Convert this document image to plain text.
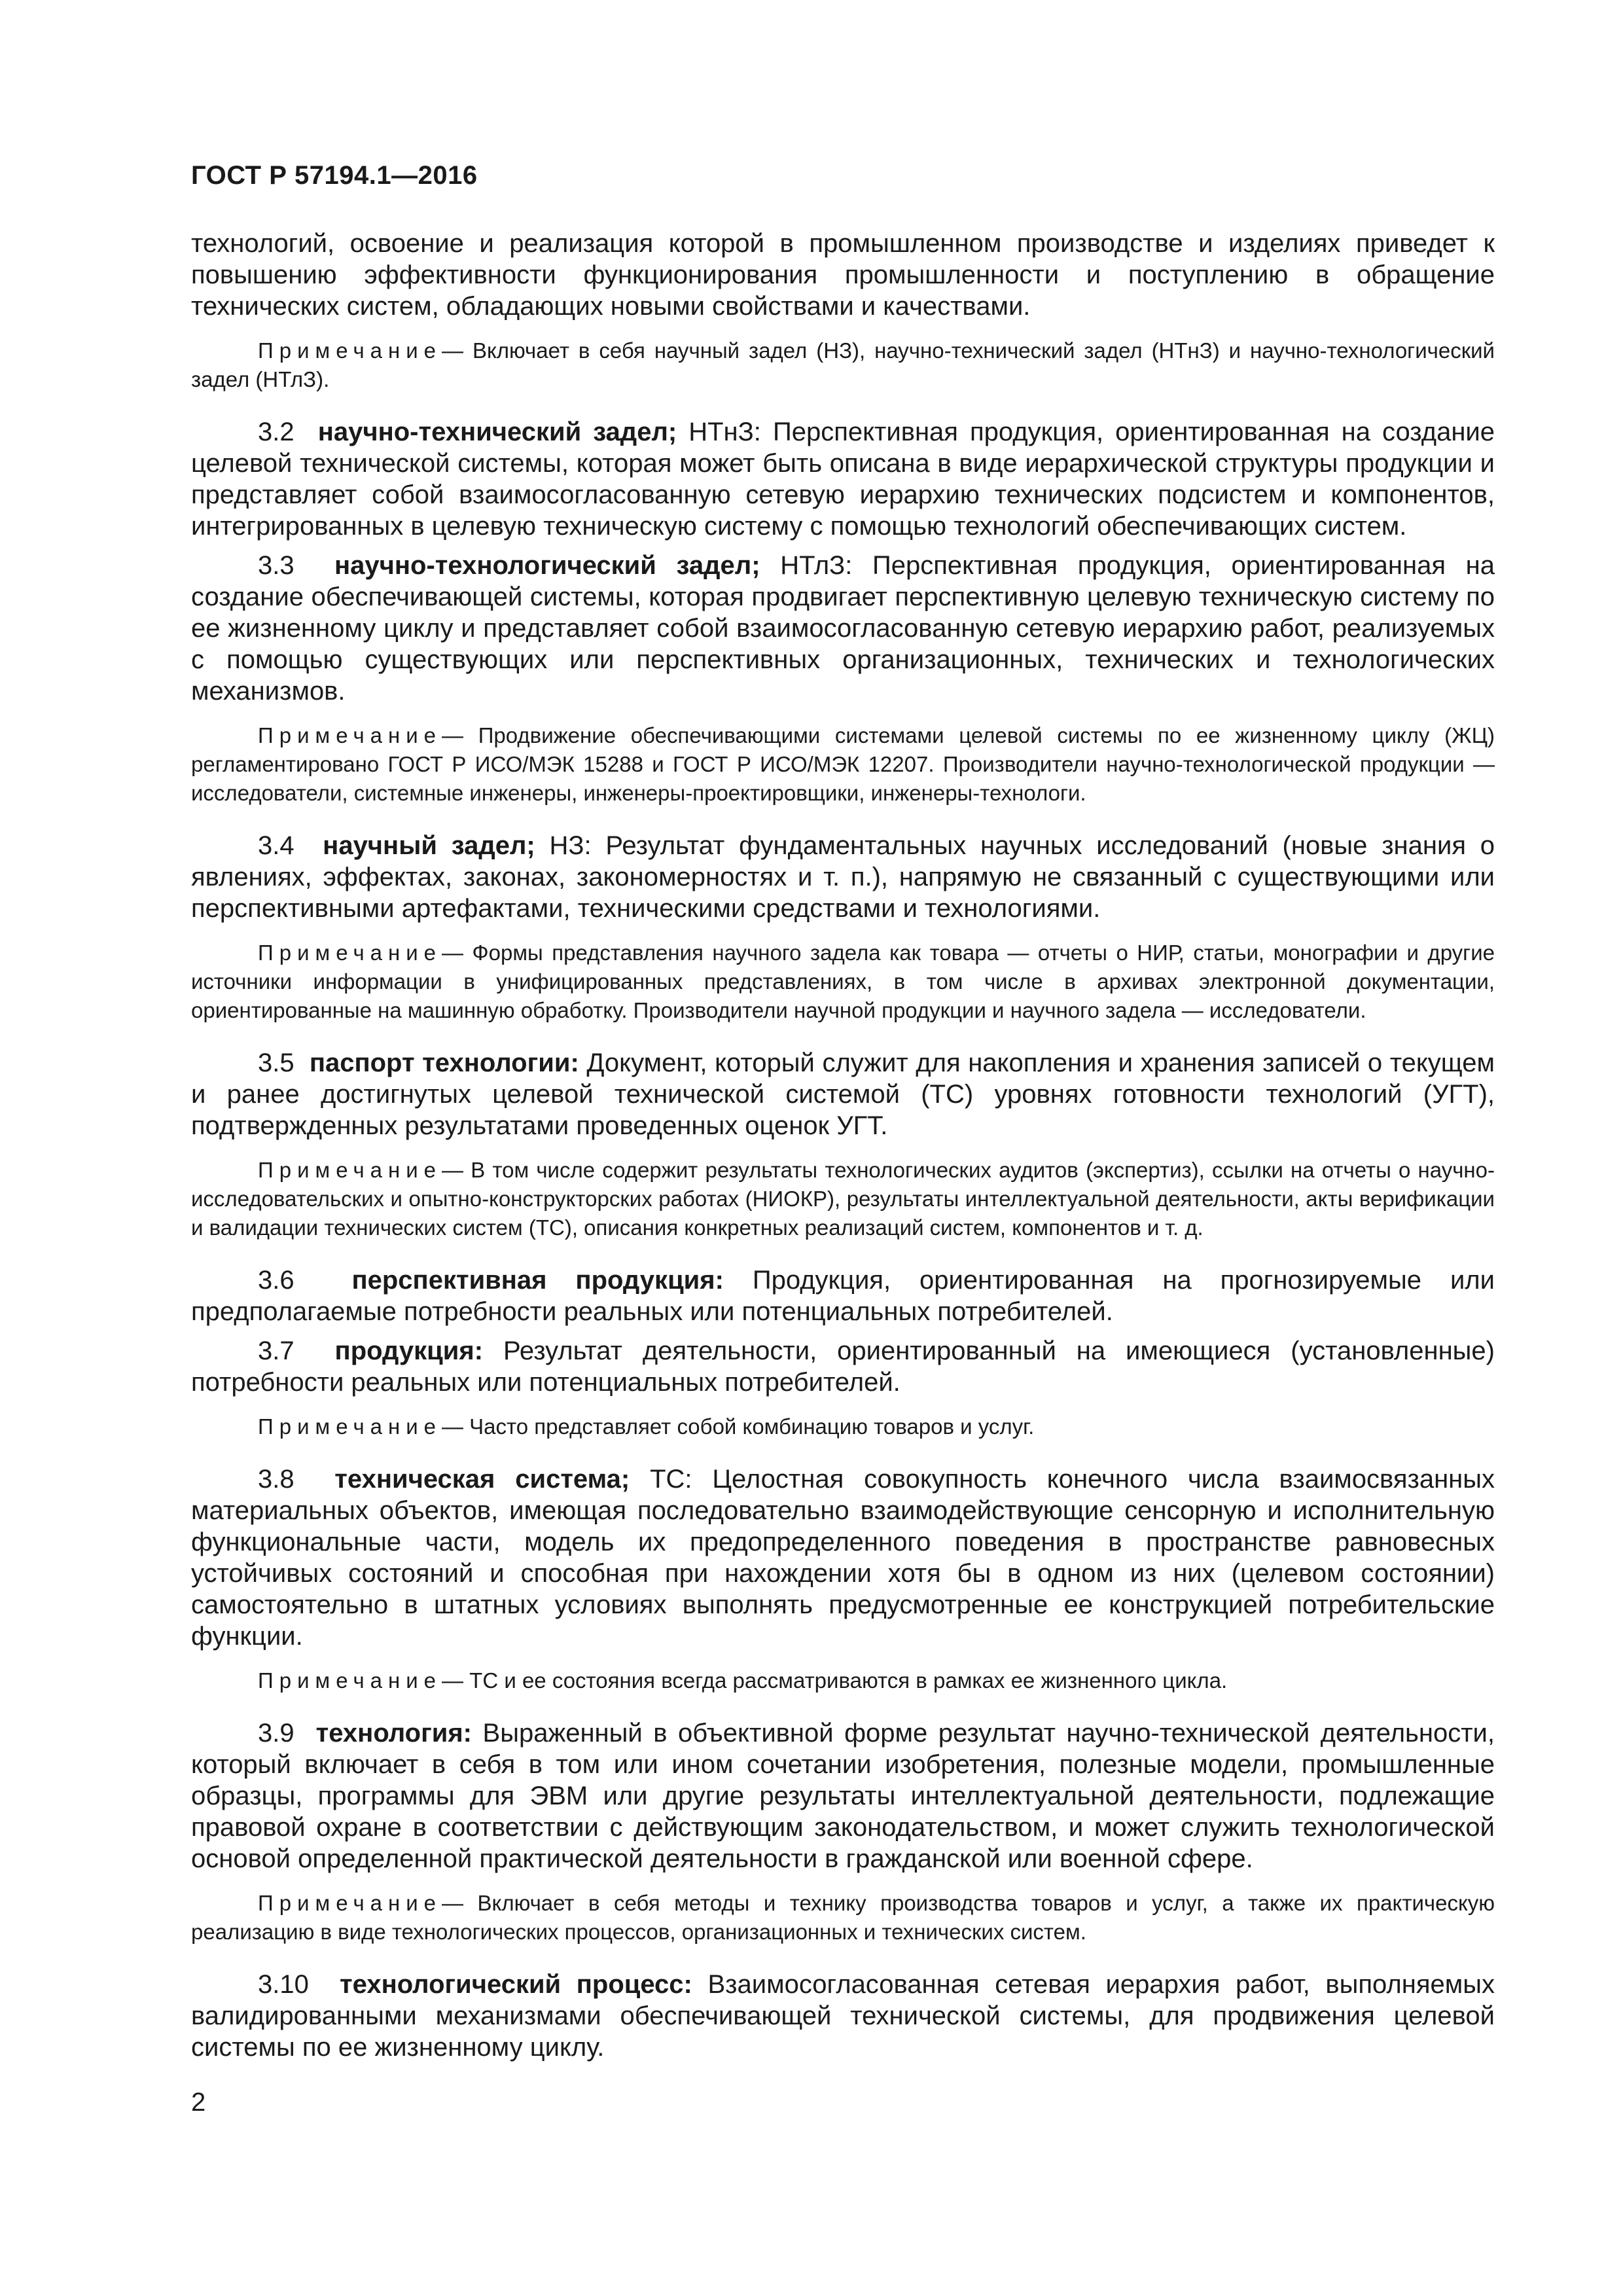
ГОСТ Р 57194.1—2016

технологий, освоение и реализация которой в промышленном производстве и изделиях приведет к повышению эффективности функционирования промышленности и поступлению в обращение технических систем, обладающих новыми свойствами и качествами.

Примечание— Включает в себя научный задел (НЗ), научно-технический задел (НТнЗ) и научно-технологический задел (НТлЗ).

3.2 научно-технический задел; НТнЗ: Перспективная продукция, ориентированная на создание целевой технической системы, которая может быть описана в виде иерархической структуры продукции и представляет собой взаимосогласованную сетевую иерархию технических подсистем и компонентов, интегрированных в целевую техническую систему с помощью технологий обеспечивающих систем.

3.3 научно-технологический задел; НТлЗ: Перспективная продукция, ориентированная на создание обеспечивающей системы, которая продвигает перспективную целевую техническую систему по ее жизненному циклу и представляет собой взаимосогласованную сетевую иерархию работ, реализуемых с помощью существующих или перспективных организационных, технических и технологических механизмов.

Примечание— Продвижение обеспечивающими системами целевой системы по ее жизненному циклу (ЖЦ) регламентировано ГОСТ Р ИСО/МЭК 15288 и ГОСТ Р ИСО/МЭК 12207. Производители научно-технологической продукции — исследователи, системные инженеры, инженеры-проектировщики, инженеры-технологи.

3.4 научный задел; НЗ: Результат фундаментальных научных исследований (новые знания о явлениях, эффектах, законах, закономерностях и т. п.), напрямую не связанный с существующими или перспективными артефактами, техническими средствами и технологиями.

Примечание— Формы представления научного задела как товара — отчеты о НИР, статьи, монографии и другие источники информации в унифицированных представлениях, в том числе в архивах электронной документации, ориентированные на машинную обработку. Производители научной продукции и научного задела — исследователи.

3.5 паспорт технологии: Документ, который служит для накопления и хранения записей о текущем и ранее достигнутых целевой технической системой (ТС) уровнях готовности технологий (УГТ), подтвержденных результатами проведенных оценок УГТ.

Примечание— В том числе содержит результаты технологических аудитов (экспертиз), ссылки на отчеты о научно-исследовательских и опытно-конструкторских работах (НИОКР), результаты интеллектуальной деятельности, акты верификации и валидации технических систем (ТС), описания конкретных реализаций систем, компонентов и т. д.

3.6 перспективная продукция: Продукция, ориентированная на прогнозируемые или предполагаемые потребности реальных или потенциальных потребителей.

3.7 продукция: Результат деятельности, ориентированный на имеющиеся (установленные) потребности реальных или потенциальных потребителей.

Примечание— Часто представляет собой комбинацию товаров и услуг.

3.8 техническая система; ТС: Целостная совокупность конечного числа взаимосвязанных материальных объектов, имеющая последовательно взаимодействующие сенсорную и исполнительную функциональные части, модель их предопределенного поведения в пространстве равновесных устойчивых состояний и способная при нахождении хотя бы в одном из них (целевом состоянии) самостоятельно в штатных условиях выполнять предусмотренные ее конструкцией потребительские функции.

Примечание— ТС и ее состояния всегда рассматриваются в рамках ее жизненного цикла.

3.9 технология: Выраженный в объективной форме результат научно-технической деятельности, который включает в себя в том или ином сочетании изобретения, полезные модели, промышленные образцы, программы для ЭВМ или другие результаты интеллектуальной деятельности, подлежащие правовой охране в соответствии с действующим законодательством, и может служить технологической основой определенной практической деятельности в гражданской или военной сфере.

Примечание— Включает в себя методы и технику производства товаров и услуг, а также их практическую реализацию в виде технологических процессов, организационных и технических систем.

3.10 технологический процесс: Взаимосогласованная сетевая иерархия работ, выполняемых валидированными механизмами обеспечивающей технической системы, для продвижения целевой системы по ее жизненному циклу.

2
